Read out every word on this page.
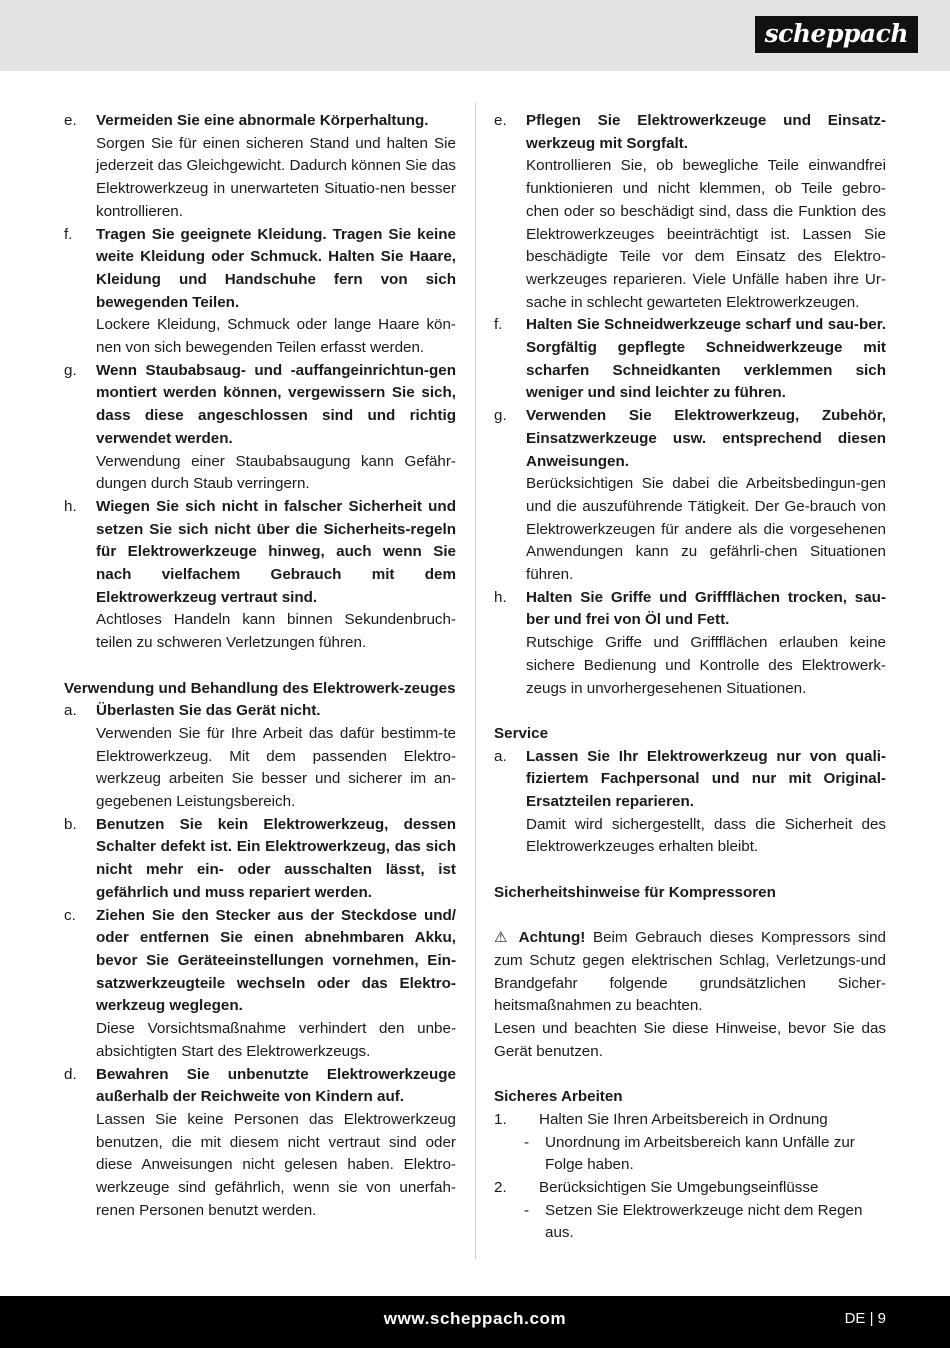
scheppach
e.	Vermeiden Sie eine abnormale Körperhaltung.
Sorgen Sie für einen sicheren Stand und halten Sie jederzeit das Gleichgewicht. Dadurch können Sie das Elektrowerkzeug in unerwarteten Situatio-nen besser kontrollieren.
f.	Tragen Sie geeignete Kleidung. Tragen Sie keine weite Kleidung oder Schmuck. Halten Sie Haare, Kleidung und Handschuhe fern von sich bewegenden Teilen.
Lockere Kleidung, Schmuck oder lange Haare kön-nen von sich bewegenden Teilen erfasst werden.
g.	Wenn Staubabsaug- und -auffangeinrichtun-gen montiert werden können, vergewissern Sie sich, dass diese angeschlossen sind und richtig verwendet werden.
Verwendung einer Staubabsaugung kann Gefähr-dungen durch Staub verringern.
h.	Wiegen Sie sich nicht in falscher Sicherheit und setzen Sie sich nicht über die Sicherheits-regeln für Elektrowerkzeuge hinweg, auch wenn Sie nach vielfachem Gebrauch mit dem Elektrowerkzeug vertraut sind.
Achtloses Handeln kann binnen Sekundenbruch-teilen zu schweren Verletzungen führen.
Verwendung und Behandlung des Elektrowerk-zeuges
a.	Überlasten Sie das Gerät nicht.
Verwenden Sie für Ihre Arbeit das dafür bestimm-te Elektrowerkzeug. Mit dem passenden Elektro-werkzeug arbeiten Sie besser und sicherer im an-gegebenen Leistungsbereich.
b.	Benutzen Sie kein Elektrowerkzeug, dessen Schalter defekt ist. Ein Elektrowerkzeug, das sich nicht mehr ein- oder ausschalten lässt, ist gefährlich und muss repariert werden.
c.	Ziehen Sie den Stecker aus der Steckdose und/ oder entfernen Sie einen abnehmbaren Akku, bevor Sie Geräteeinstellungen vornehmen, Ein-satzwerkzeugteile wechseln oder das Elektro-werkzeug weglegen.
Diese Vorsichtsmaßnahme verhindert den unbe-absichtigten Start des Elektrowerkzeugs.
d.	Bewahren Sie unbenutzte Elektrowerkzeuge außerhalb der Reichweite von Kindern auf.
Lassen Sie keine Personen das Elektrowerkzeug benutzen, die mit diesem nicht vertraut sind oder diese Anweisungen nicht gelesen haben. Elektro-werkzeuge sind gefährlich, wenn sie von unerfah-renen Personen benutzt werden.
e.	Pflegen Sie Elektrowerkzeuge und Einsatz-werkzeug mit Sorgfalt.
Kontrollieren Sie, ob bewegliche Teile einwandfrei funktionieren und nicht klemmen, ob Teile gebro-chen oder so beschädigt sind, dass die Funktion des Elektrowerkzeuges beeinträchtigt ist. Lassen Sie beschädigte Teile vor dem Einsatz des Elektro-werkzeuges reparieren. Viele Unfälle haben ihre Ur-sache in schlecht gewarteten Elektrowerkzeugen.
f.	Halten Sie Schneidwerkzeuge scharf und sau-ber. Sorgfältig gepflegte Schneidwerkzeuge mit scharfen Schneidkanten verklemmen sich weniger und sind leichter zu führen.
g.	Verwenden Sie Elektrowerkzeug, Zubehör, Einsatzwerkzeuge usw. entsprechend diesen Anweisungen.
Berücksichtigen Sie dabei die Arbeitsbedingun-gen und die auszuführende Tätigkeit. Der Ge-brauch von Elektrowerkzeugen für andere als die vorgesehenen Anwendungen kann zu gefährli-chen Situationen führen.
h.	Halten Sie Griffe und Griffflächen trocken, sau-ber und frei von Öl und Fett.
Rutschige Griffe und Griffflächen erlauben keine sichere Bedienung und Kontrolle des Elektrowerk-zeugs in unvorhergesehenen Situationen.
Service
a.	Lassen Sie Ihr Elektrowerkzeug nur von quali-fiziertem Fachpersonal und nur mit Original-Ersatzteilen reparieren.
Damit wird sichergestellt, dass die Sicherheit des Elektrowerkzeuges erhalten bleibt.
Sicherheitshinweise für Kompressoren
⚠ Achtung! Beim Gebrauch dieses Kompressors sind zum Schutz gegen elektrischen Schlag, Verletzungs-und Brandgefahr folgende grundsätzlichen Sicher-heitsmaßnahmen zu beachten.
Lesen und beachten Sie diese Hinweise, bevor Sie das Gerät benutzen.
Sicheres Arbeiten
1.	Halten Sie Ihren Arbeitsbereich in Ordnung
-	Unordnung im Arbeitsbereich kann Unfälle zur Folge haben.
2.	Berücksichtigen Sie Umgebungseinflüsse
-	Setzen Sie Elektrowerkzeuge nicht dem Regen aus.
www.scheppach.com	DE | 9
